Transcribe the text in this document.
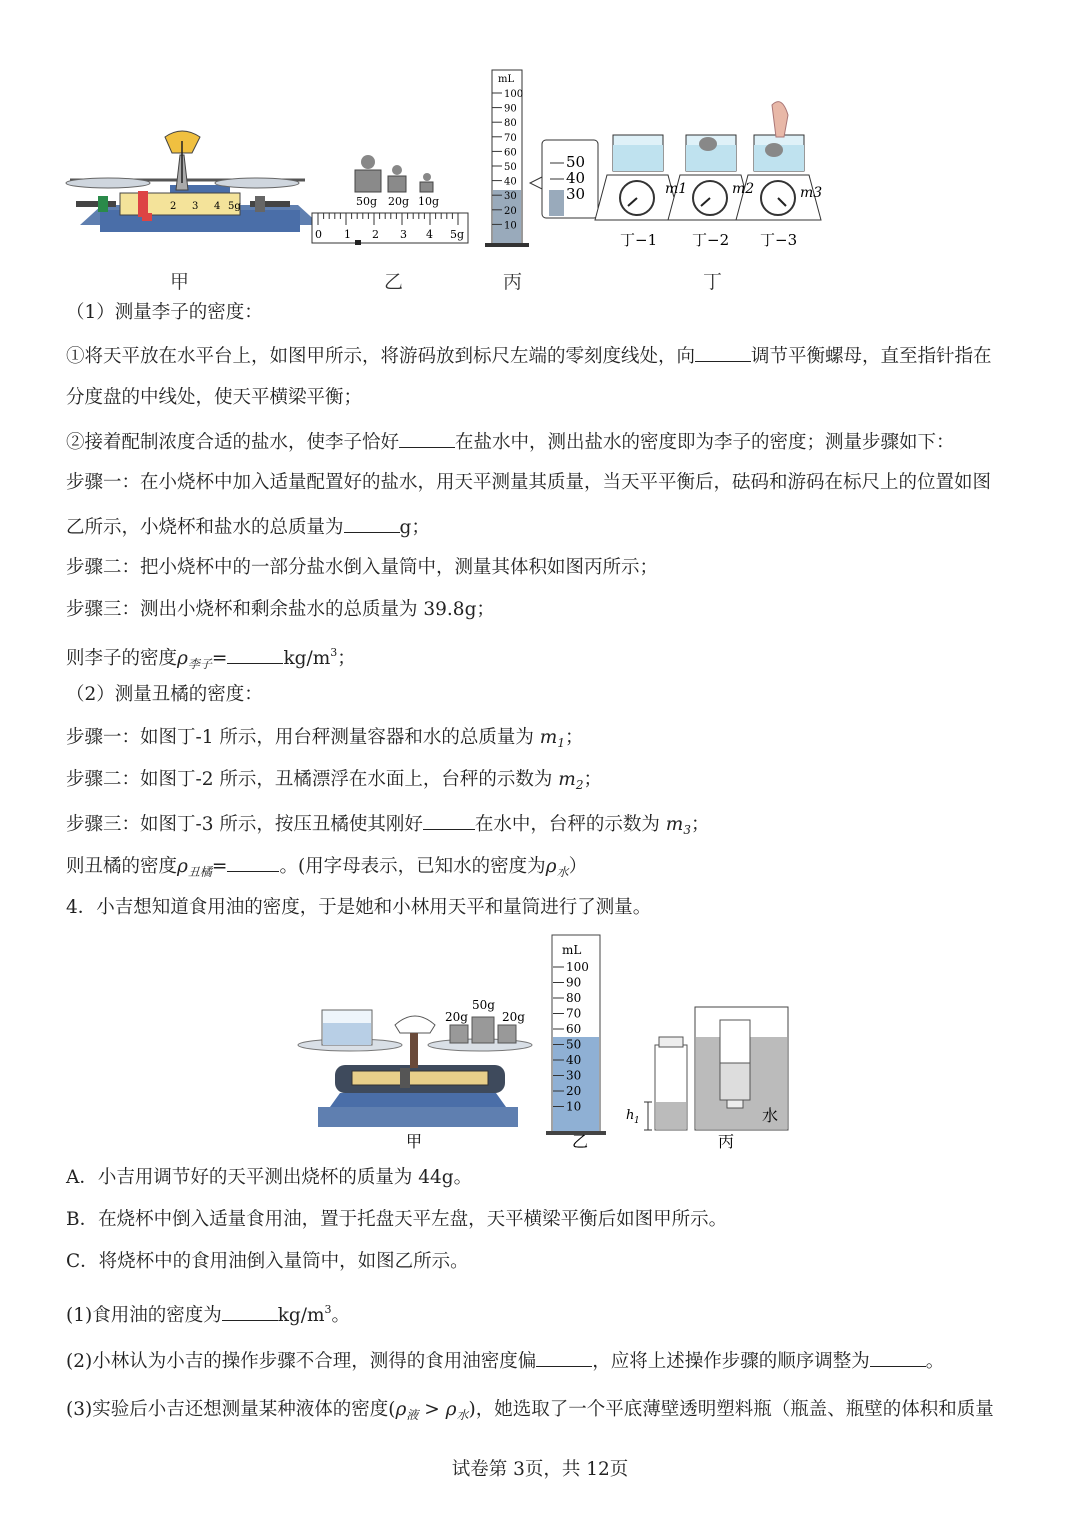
2 3 4 5g	50g 20g 10g
0 1 2 3 4 5g
mL
100
90
80
70
60
50
40
30
20
10
50
40
30	m1	m2	m3
丁−1 丁−2 丁−3
甲	乙	丙	丁
（1）测量李子的密度：
①将天平放在水平台上，如图甲所示，将游码放到标尺左端的零刻度线处，向	调节平衡螺母，直至指针指在
分度盘的中线处，使天平横梁平衡；
②接着配制浓度合适的盐水，使李子恰好	在盐水中，测出盐水的密度即为李子的密度；测量步骤如下：
步骤一：在小烧杯中加入适量配置好的盐水，用天平测量其质量，当天平平衡后，砝码和游码在标尺上的位置如图
乙所示，小烧杯和盐水的总质量为	g；
步骤二：把小烧杯中的一部分盐水倒入量筒中，测量其体积如图丙所示；
步骤三：测出小烧杯和剩余盐水的总质量为 39.8g；
则李子的密度$\rho_{李子}=$	$kg/m^3$；
（2）测量丑橘的密度：
步骤一：如图丁-1 所示，用台秤测量容器和水的总质量为 $m_1$；
步骤二：如图丁-2 所示，丑橘漂浮在水面上，台秤的示数为 $m_2$；
步骤三：如图丁-3 所示，按压丑橘使其刚好	在水中，台秤的示数为 $m_3$；
则丑橘的密度$\rho_{丑橘}=$	。(用字母表示，已知水的密度为$\rho_水$）
4．小吉想知道食用油的密度，于是她和小林用天平和量筒进行了测量。
20g
50g
20g
mL
100
90
80
70
60
50
40
30
20
10
h 1	水
甲	乙	丙
A．小吉用调节好的天平测出烧杯的质量为 44g。
B．在烧杯中倒入适量食用油，置于托盘天平左盘，天平横梁平衡后如图甲所示。
C．将烧杯中的食用油倒入量筒中，如图乙所示。
(1)食用油的密度为	$kg/m^3$。
(2)小林认为小吉的操作步骤不合理，测得的食用油密度偏	，应将上述操作步骤的顺序调整为	。
(3)实验后小吉还想测量某种液体的密度$(\rho_液 > \rho_水)$，她选取了一个平底薄壁透明塑料瓶（瓶盖、瓶壁的体积和质量
试卷第 3页，共 12页
